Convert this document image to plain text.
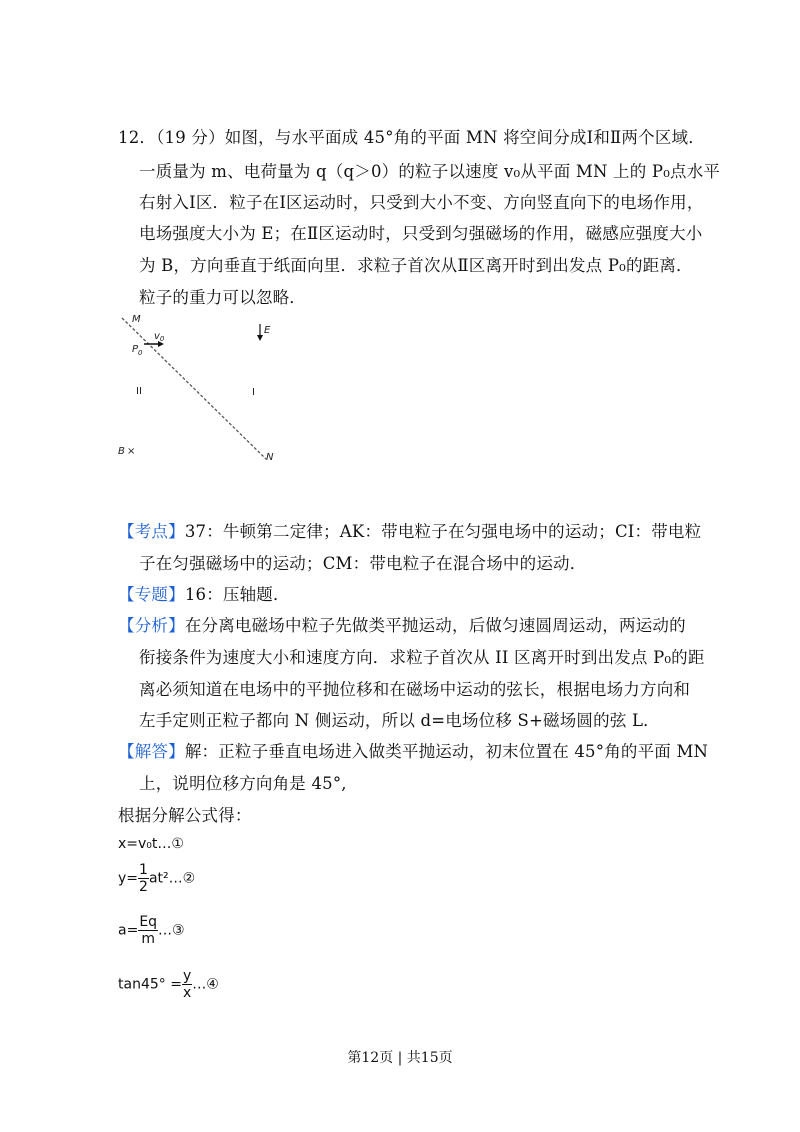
12．（19 分）如图，与水平面成 45°角的平面 MN 将空间分成Ⅰ和Ⅱ两个区域．
一质量为 m、电荷量为 q（q＞0）的粒子以速度 v₀从平面 MN 上的 P₀点水平
右射入Ⅰ区．粒子在Ⅰ区运动时，只受到大小不变、方向竖直向下的电场作用，
电场强度大小为 E；在Ⅱ区运动时，只受到匀强磁场的作用，磁感应强度大小
为 B，方向垂直于纸面向里．求粒子首次从Ⅱ区离开时到出发点 P₀的距离．
粒子的重力可以忽略．
M
N
$P_0$
$v_0$
E
II	I
B ×
【考点】37：牛顿第二定律；AK：带电粒子在匀强电场中的运动；CI：带电粒
子在匀强磁场中的运动；CM：带电粒子在混合场中的运动．
【专题】16：压轴题．
【分析】在分离电磁场中粒子先做类平抛运动，后做匀速圆周运动，两运动的
衔接条件为速度大小和速度方向．求粒子首次从 II 区离开时到出发点 P₀的距
离必须知道在电场中的平抛位移和在磁场中运动的弦长，根据电场力方向和
左手定则正粒子都向 N 侧运动，所以 d=电场位移 S+磁场圆的弦 L．
【解答】解：正粒子垂直电场进入做类平抛运动，初末位置在 45°角的平面 MN
上，说明位移方向角是 45°,
根据分解公式得：
x=v₀t…①
$y= \frac{1}{2}$ at²…②
$a= \frac{Eq}{m}$ …③
$\tan 45^\circ = \frac{y}{x}$ …④
第12页 | 共15页
